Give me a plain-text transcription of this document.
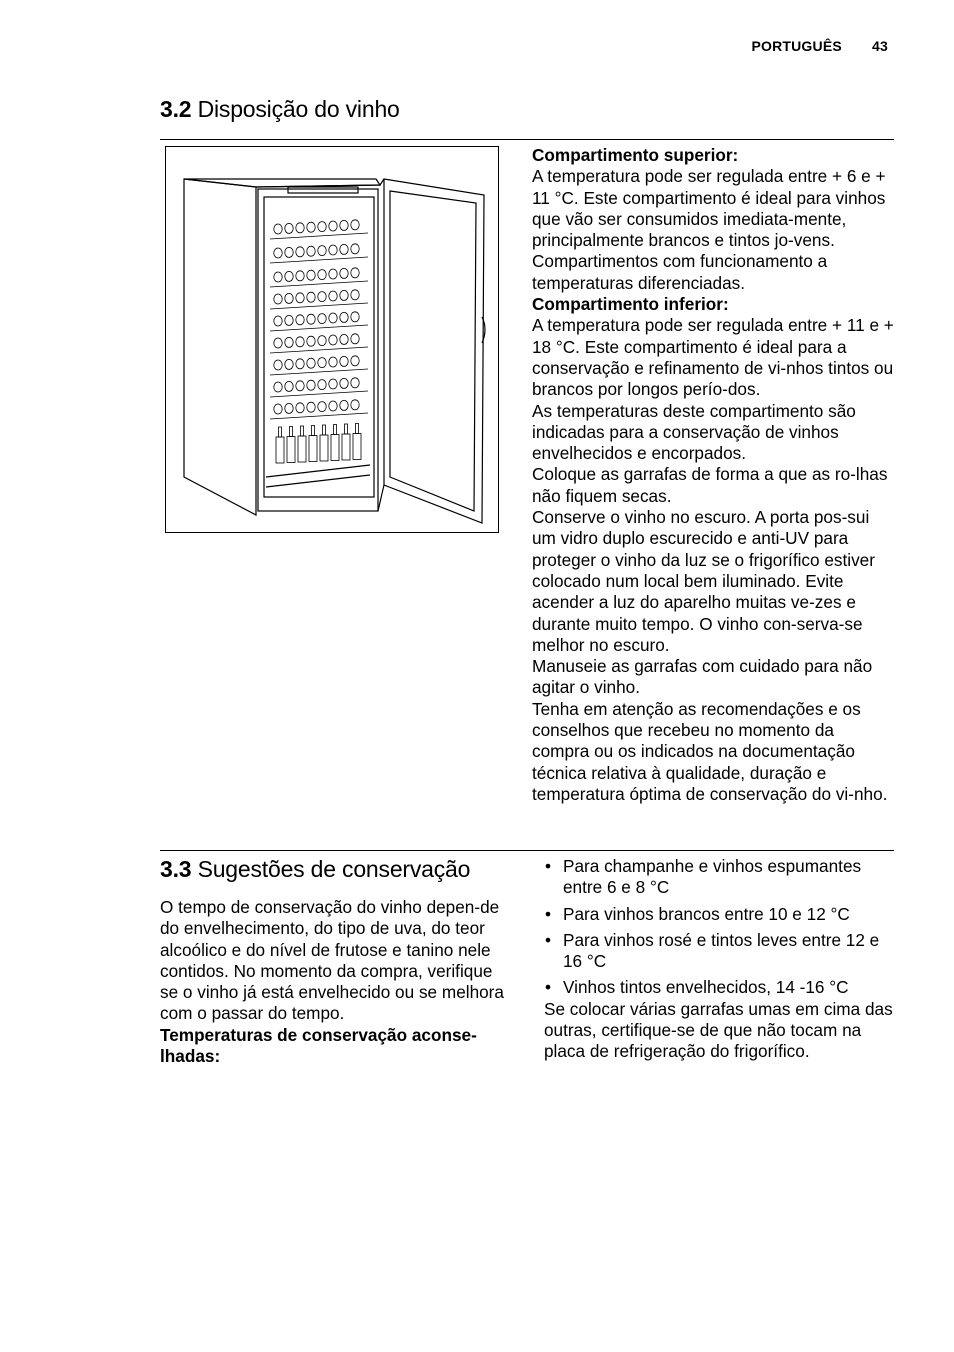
PORTUGUÊS 43
3.2 Disposição do vinho

Compartimento superior:

A temperatura pode ser regulada entre + 6 e + 11 °C. Este compartimento é ideal para vinhos que vão ser consumidos imediata-mente, principalmente brancos e tintos jo-vens. Compartimentos com funcionamento a temperaturas diferenciadas.

Compartimento inferior:

A temperatura pode ser regulada entre + 11 e + 18 °C. Este compartimento é ideal para a conservação e refinamento de vi-nhos tintos ou brancos por longos perío-dos.

As temperaturas deste compartimento são indicadas para a conservação de vinhos envelhecidos e encorpados.

Coloque as garrafas de forma a que as ro-lhas não fiquem secas.

Conserve o vinho no escuro. A porta pos-sui um vidro duplo escurecido e anti-UV para proteger o vinho da luz se o frigorífico estiver colocado num local bem iluminado. Evite acender a luz do aparelho muitas ve-zes e durante muito tempo. O vinho con-serva-se melhor no escuro.

Manuseie as garrafas com cuidado para não agitar o vinho.

Tenha em atenção as recomendações e os conselhos que recebeu no momento da compra ou os indicados na documentação técnica relativa à qualidade, duração e temperatura óptima de conservação do vi-nho.

3.3 Sugestões de conservação

O tempo de conservação do vinho depen-de do envelhecimento, do tipo de uva, do teor alcoólico e do nível de frutose e tanino nele contidos. No momento da compra, verifique se o vinho já está envelhecido ou se melhora com o passar do tempo.

Temperaturas de conservação aconse-lhadas:

• Para champanhe e vinhos espumantes entre 6 e 8 °C
• Para vinhos brancos entre 10 e 12 °C
• Para vinhos rosé e tintos leves entre 12 e 16 °C
• Vinhos tintos envelhecidos, 14 -16 °C

Se colocar várias garrafas umas em cima das outras, certifique-se de que não tocam na placa de refrigeração do frigorífico.
